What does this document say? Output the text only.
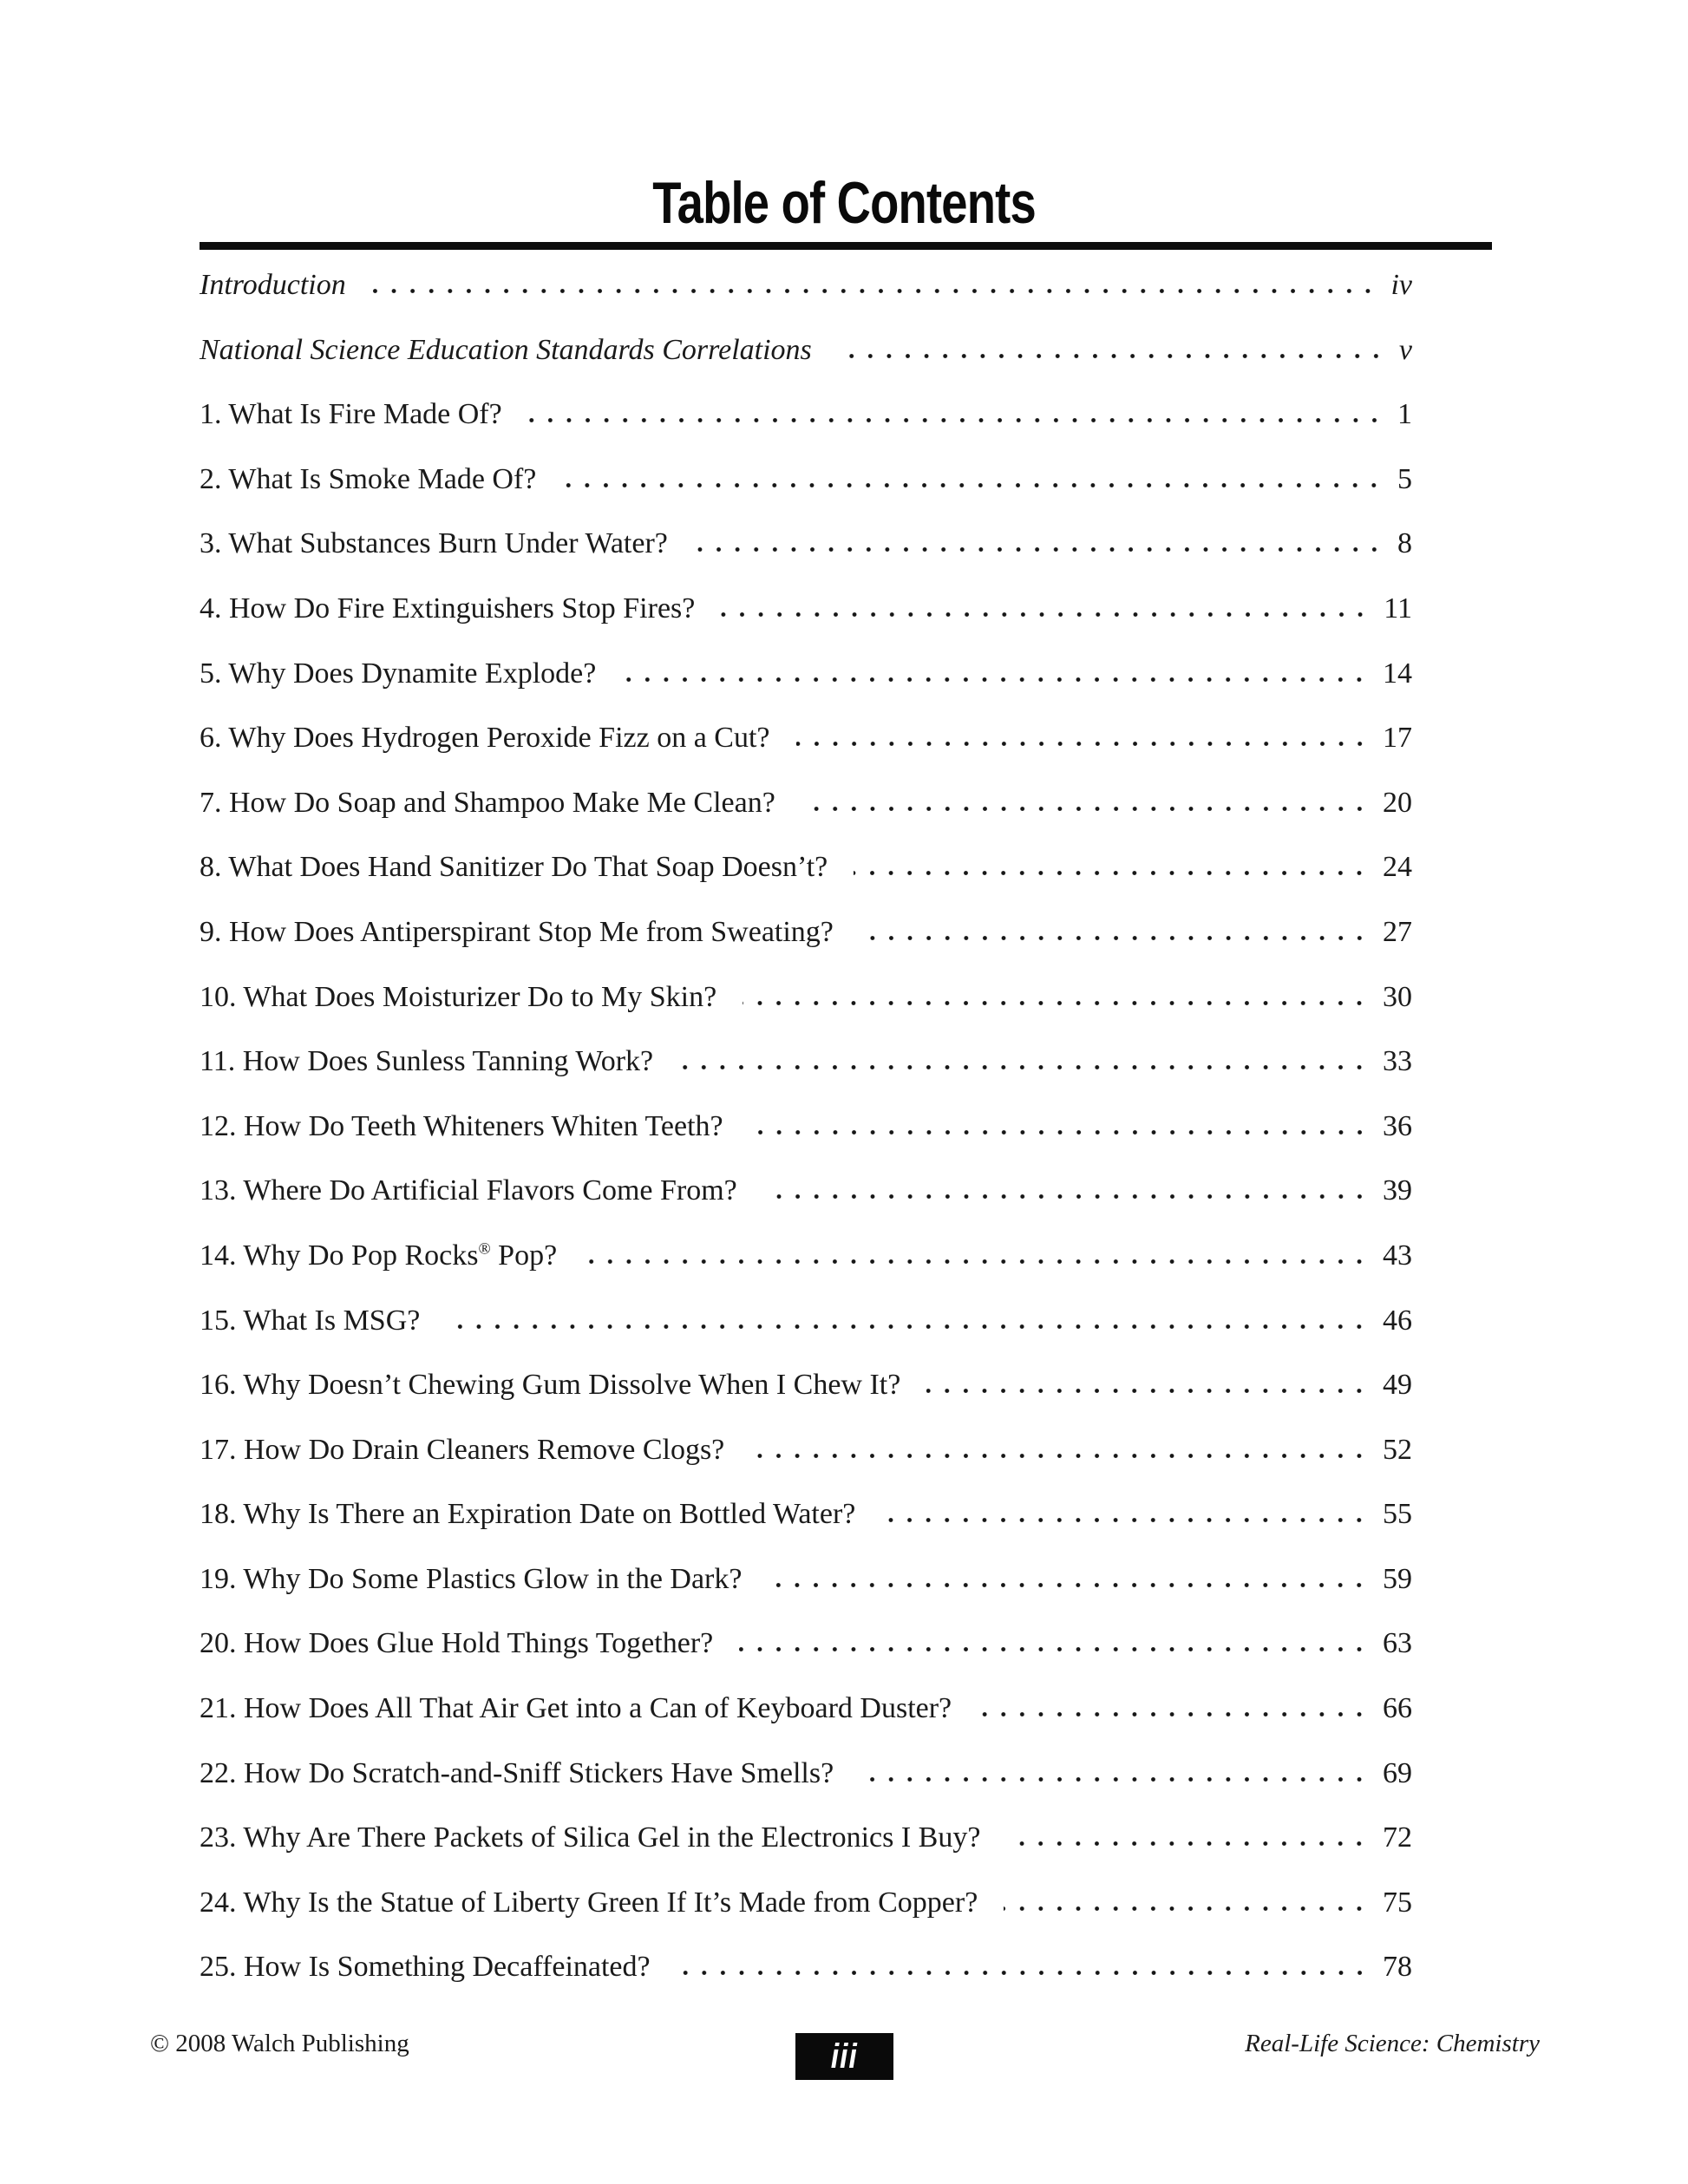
Table of Contents
Introduction	iv
National Science Education Standards Correlations	v
1. What Is Fire Made Of?	1
2. What Is Smoke Made Of?	5
3. What Substances Burn Under Water?	8
4. How Do Fire Extinguishers Stop Fires?	11
5. Why Does Dynamite Explode?	14
6. Why Does Hydrogen Peroxide Fizz on a Cut?	17
7. How Do Soap and Shampoo Make Me Clean?	20
8. What Does Hand Sanitizer Do That Soap Doesn’t?	24
9. How Does Antiperspirant Stop Me from Sweating?	27
10. What Does Moisturizer Do to My Skin?	30
11. How Does Sunless Tanning Work?	33
12. How Do Teeth Whiteners Whiten Teeth?	36
13. Where Do Artificial Flavors Come From?	39
14. Why Do Pop Rocks® Pop?	43
15. What Is MSG?	46
16. Why Doesn’t Chewing Gum Dissolve When I Chew It?	49
17. How Do Drain Cleaners Remove Clogs?	52
18. Why Is There an Expiration Date on Bottled Water?	55
19. Why Do Some Plastics Glow in the Dark?	59
20. How Does Glue Hold Things Together?	63
21. How Does All That Air Get into a Can of Keyboard Duster?	66
22. How Do Scratch-and-Sniff Stickers Have Smells?	69
23. Why Are There Packets of Silica Gel in the Electronics I Buy?	72
24. Why Is the Statue of Liberty Green If It’s Made from Copper?	75
25. How Is Something Decaffeinated?	78
© 2008 Walch Publishing	iii	Real-Life Science: Chemistry
